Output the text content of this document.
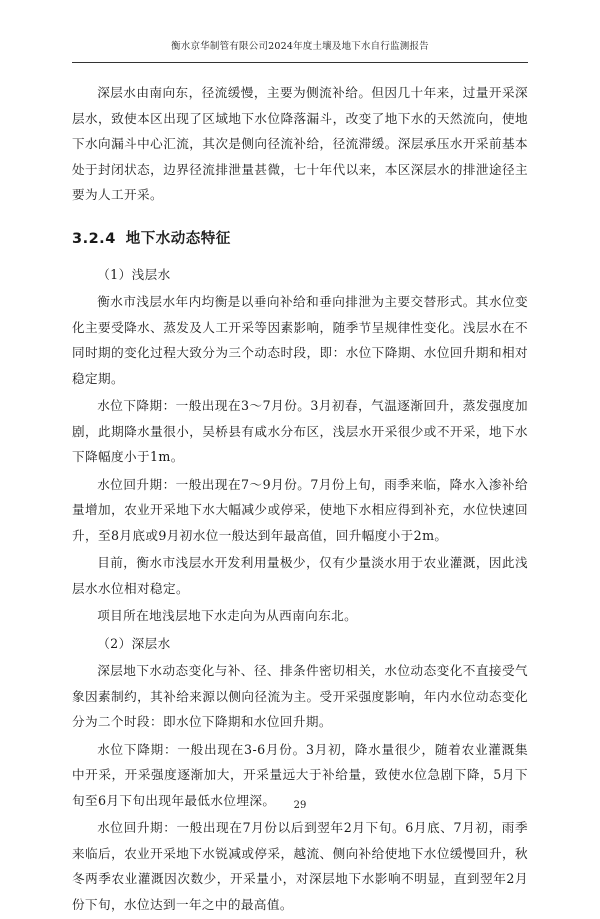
衡水京华制管有限公司2024年度土壤及地下水自行监测报告

深层水由南向东，径流缓慢，主要为侧流补给。但因几十年来，过量开采深层水，致使本区出现了区域地下水位降落漏斗，改变了地下水的天然流向，使地下水向漏斗中心汇流，其次是侧向径流补给，径流滞缓。深层承压水开采前基本处于封闭状态，边界径流排泄量甚微，七十年代以来，本区深层水的排泄途径主要为人工开采。

3.2.4 地下水动态特征

（1）浅层水

衡水市浅层水年内均衡是以垂向补给和垂向排泄为主要交替形式。其水位变化主要受降水、蒸发及人工开采等因素影响，随季节呈规律性变化。浅层水在不同时期的变化过程大致分为三个动态时段，即：水位下降期、水位回升期和相对稳定期。

水位下降期：一般出现在3～7月份。3月初春，气温逐渐回升，蒸发强度加剧，此期降水量很小，吴桥县有咸水分布区，浅层水开采很少或不开采，地下水下降幅度小于1m。

水位回升期：一般出现在7～9月份。7月份上旬，雨季来临，降水入渗补给量增加，农业开采地下水大幅减少或停采，使地下水相应得到补充，水位快速回升，至8月底或9月初水位一般达到年最高值，回升幅度小于2m。

目前，衡水市浅层水开发利用量极少，仅有少量淡水用于农业灌溉，因此浅层水水位相对稳定。

项目所在地浅层地下水走向为从西南向东北。

（2）深层水

深层地下水动态变化与补、径、排条件密切相关，水位动态变化不直接受气象因素制约，其补给来源以侧向径流为主。受开采强度影响，年内水位动态变化分为二个时段：即水位下降期和水位回升期。

水位下降期：一般出现在3-6月份。3月初，降水量很少，随着农业灌溉集中开采，开采强度逐渐加大，开采量远大于补给量，致使水位急剧下降，5月下旬至6月下旬出现年最低水位埋深。

水位回升期：一般出现在7月份以后到翌年2月下旬。6月底、7月初，雨季来临后，农业开采地下水锐减或停采，越流、侧向补给使地下水位缓慢回升，秋冬两季农业灌溉因次数少，开采量小，对深层地下水影响不明显，直到翌年2月份下旬，水位达到一年之中的最高值。

29
